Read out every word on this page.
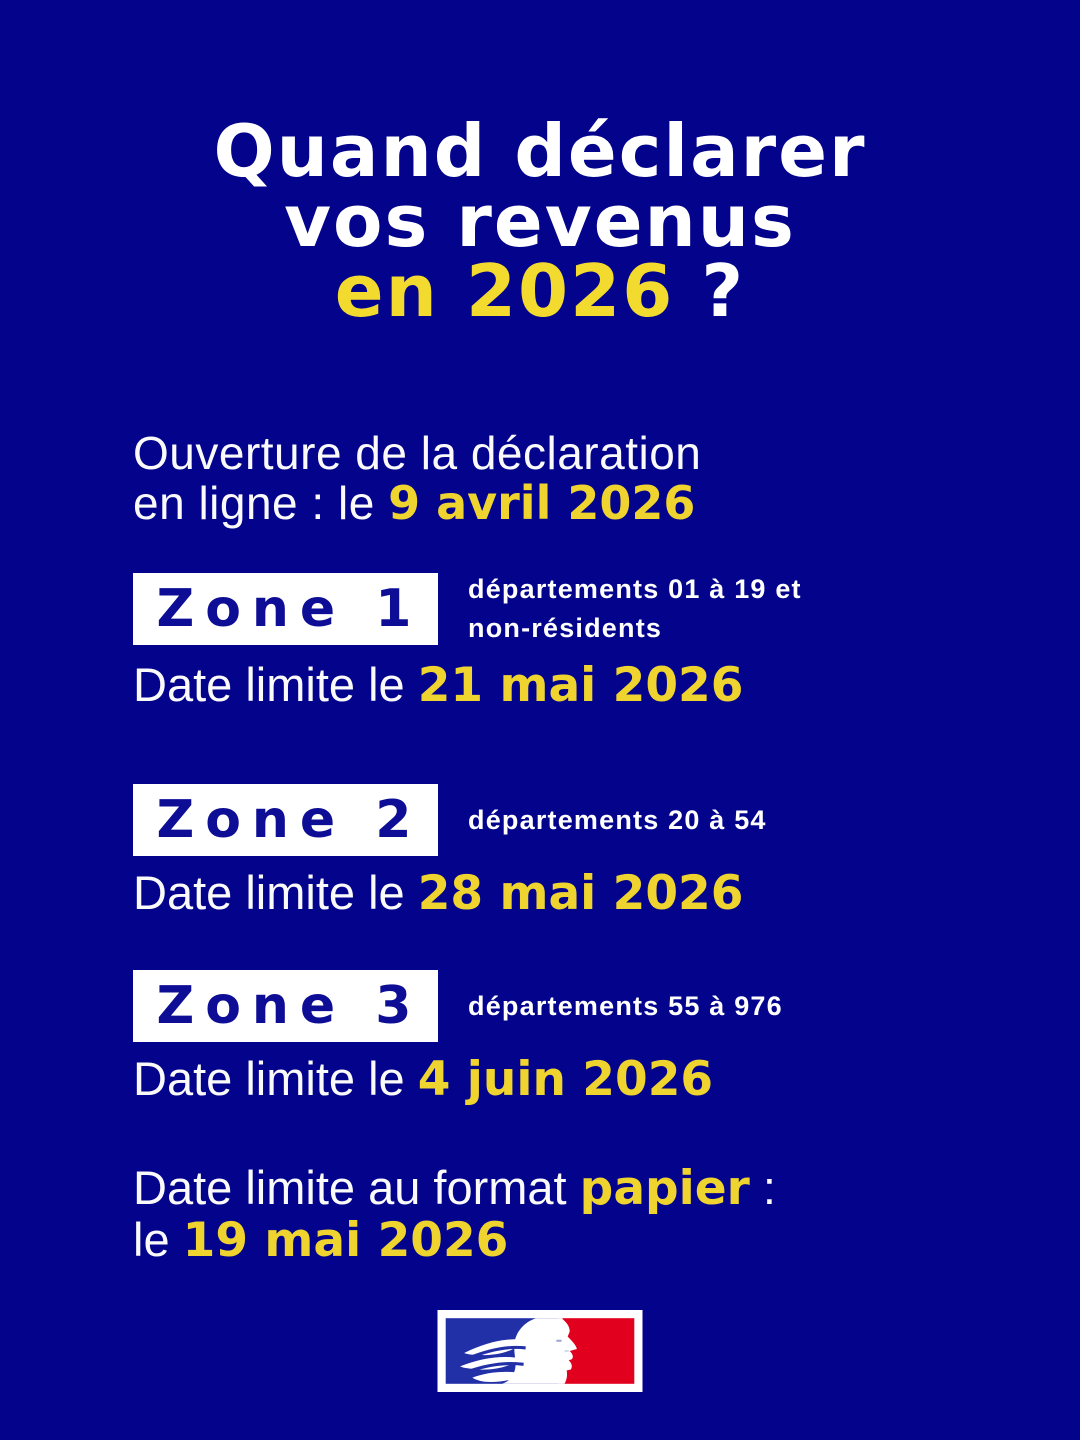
Quand déclarer
vos revenus
en 2026 ?

Ouverture de la déclaration
en ligne : le 9 avril 2026

Zone 1	départements 01 à 19 et non-résidents

Date limite le 21 mai 2026

Zone 2	départements 20 à 54

Date limite le 28 mai 2026

Zone 3	départements 55 à 976

Date limite le 4 juin 2026

Date limite au format papier :
le 19 mai 2026
